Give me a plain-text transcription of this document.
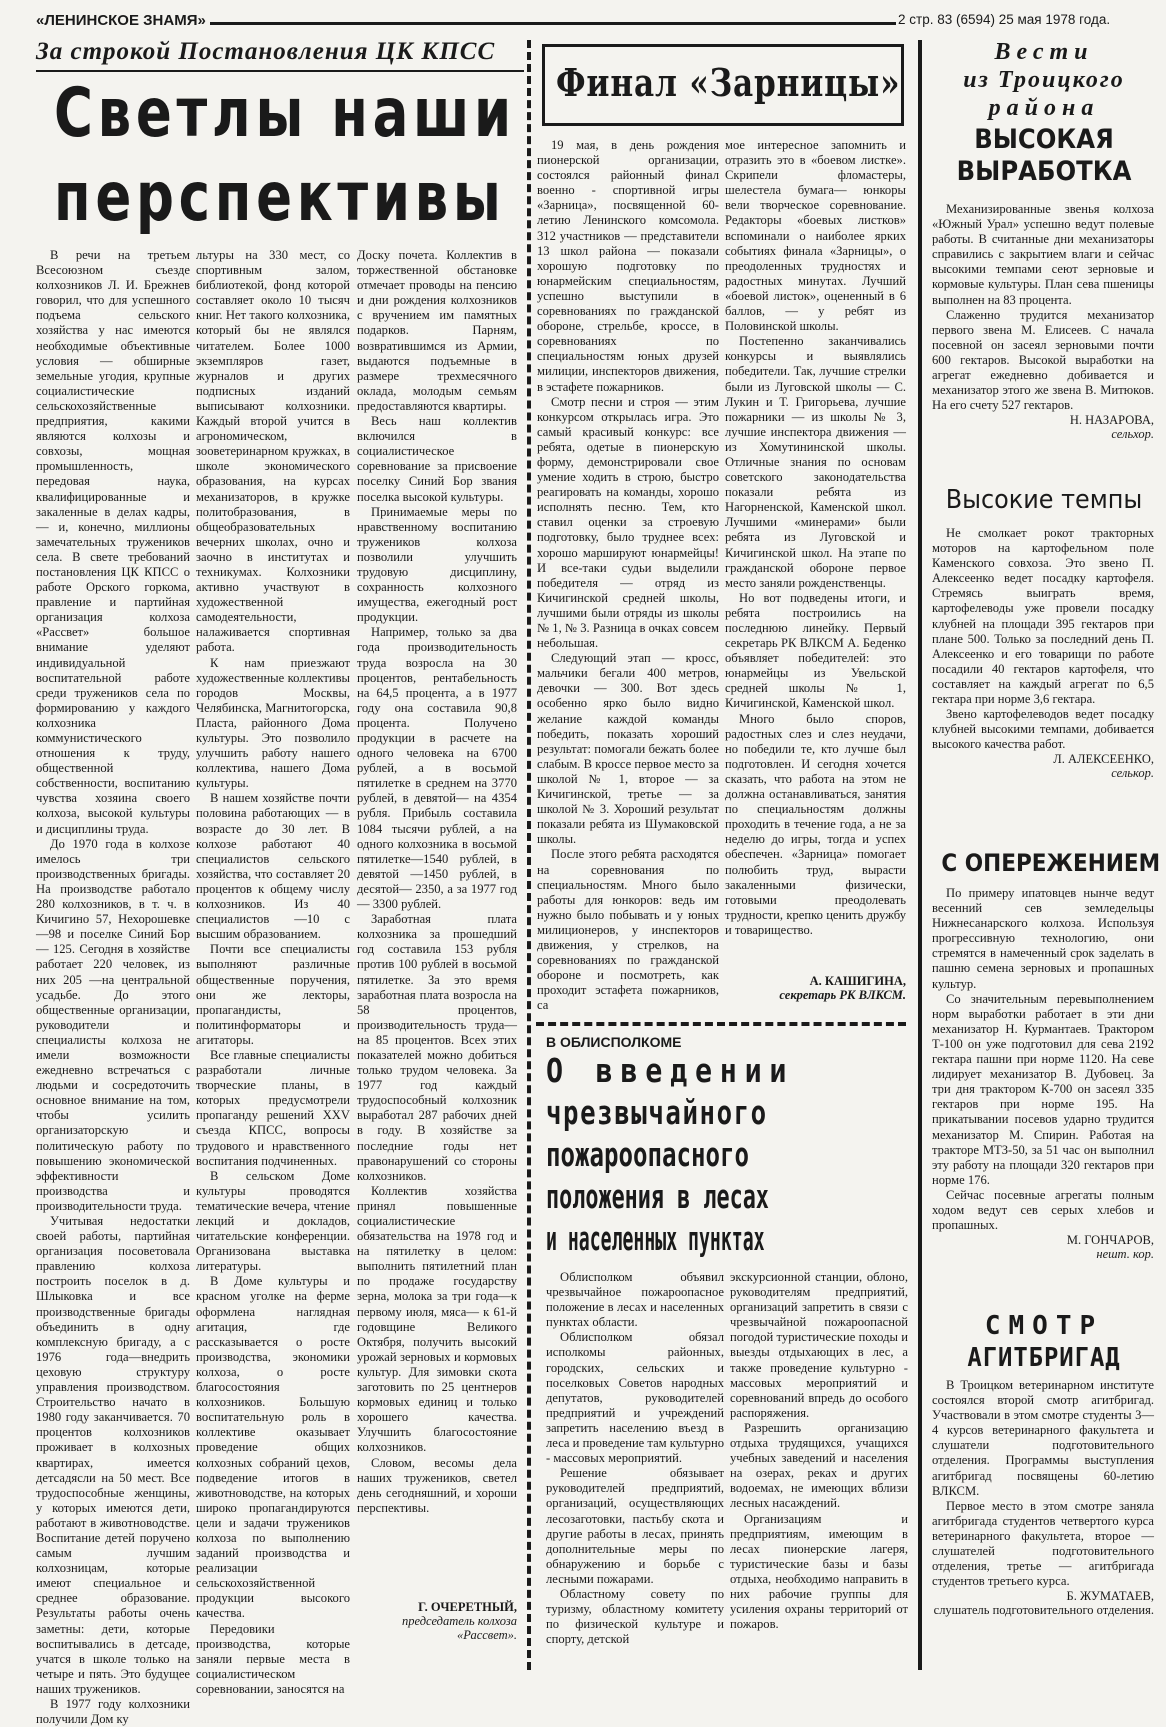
«ЛЕНИНСКОЕ ЗНАМЯ»	2 стр. 83 (6594) 25 мая 1978 года.
За строкой Постановления ЦК КПСС
Светлы наши
перспективы

В речи на третьем Всесоюзном съезде колхозников Л. И. Брежнев говорил, что для успешного подъема сельского хозяйства у нас имеются необходимые объективные условия — обширные земельные угодия, крупные социалистические сельскохозяйственные предприятия, какими являются колхозы и совхозы, мощная промышленность, передовая наука, квалифицированные и закаленные в делах кадры,— и, конечно, миллионы замечательных тружеников села. В свете требований постановления ЦК КПСС о работе Орского горкома, правление и партийная организация колхоза «Рассвет» большое внимание уделяют индивидуальной воспитательной работе среди тружеников села по формированию у каждого колхозника коммунистического отношения к труду, общественной собственности, воспитанию чувства хозяина своего колхоза, высокой культуры и дисциплины труда.

До 1970 года в колхозе имелось три производственных бригады. На производстве работало 280 колхозников, в т. ч. в Кичигино 57, Нехорошевке —98 и поселке Синий Бор— 125. Сегодня в хозяйстве работает 220 человек, из них 205 —на центральной усадьбе. До этого общественные организации, руководители и специалисты колхоза не имели возможности ежедневно встречаться с людьми и сосредоточить основное внимание на том, чтобы усилить организаторскую и политическую работу по повышению экономической эффективности производства и производительности труда.

Учитывая недостатки своей работы, партийная организация посоветовала правлению колхоза построить поселок в д. Шлыковка и все производственные бригады объединить в одну комплексную бригаду, а с 1976 года—внедрить цеховую структуру управления производством. Строительство начато в 1980 году заканчивается. 70 процентов колхозников проживает в колхозных квартирах, имеется детсадясли на 50 мест. Все трудоспособные женщины, у которых имеются дети, работают в животноводстве. Воспитание детей поручено самым лучшим колхозницам, которые имеют специальное и среднее образование. Результаты работы очень заметны: дети, которые воспитывались в детсаде, учатся в школе только на четыре и пять. Это будущее наших тружеников.

В 1977 году колхозники получили Дом ку

льтуры на 330 мест, со спортивным залом, библиотекой, фонд которой составляет около 10 тысяч книг. Нет такого колхозника, который бы не являлся читателем. Более 1000 экземпляров газет, журналов и других подписных изданий выписывают колхозники. Каждый второй учится в агрономическом, зооветеринарном кружках, в школе экономического образования, на курсах механизаторов, в кружке политобразования, в общеобразовательных вечерних школах, очно и заочно в институтах и техникумах. Колхозники активно участвуют в художественной самодеятельности, налаживается спортивная работа.

К нам приезжают художественные коллективы городов Москвы, Челябинска, Магнитогорска, Пласта, районного Дома культуры. Это позволило улучшить работу нашего коллектива, нашего Дома культуры.

В нашем хозяйстве почти половина работающих — в возрасте до 30 лет. В колхозе работают 40 специалистов сельского хозяйства, что составляет 20 процентов к общему числу колхозников. Из 40 специалистов —10 с высшим образованием.

Почти все специалисты выполняют различные общественные поручения, они же лекторы, пропагандисты, политинформаторы и агитаторы.

Все главные специалисты разработали личные творческие планы, в которых предусмотрели пропаганду решений XXV съезда КПСС, вопросы трудового и нравственного воспитания подчиненных.

В сельском Доме культуры проводятся тематические вечера, чтение лекций и докладов, читательские конференции. Организована выставка литературы.

В Доме культуры и красном уголке на ферме оформлена наглядная агитация, где рассказывается о росте производства, экономики колхоза, о росте благосостояния колхозников. Большую воспитательную роль в коллективе оказывает проведение общих колхозных собраний цехов, подведение итогов в животноводстве, на которых широко пропагандируются цели и задачи тружеников колхоза по выполнению заданий производства и реализации сельскохозяйственной продукции высокого качества.

Передовики производства, которые заняли первые места в социалистическом соревновании, заносятся на

Доску почета. Коллектив в торжественной обстановке отмечает проводы на пенсию и дни рождения колхозников с вручением им памятных подарков. Парням, возвратившимся из Армии, выдаются подъемные в размере трехмесячного оклада, молодым семьям предоставляются квартиры.

Весь наш коллектив включился в социалистическое соревнование за присвоение поселку Синий Бор звания поселка высокой культуры.

Принимаемые меры по нравственному воспитанию тружеников колхоза позволили улучшить трудовую дисциплину, сохранность колхозного имущества, ежегодный рост продукции.

Например, только за два года производительность труда возросла на 30 процентов, рентабельность на 64,5 процента, а в 1977 году она составила 90,8 процента. Получено продукции в расчете на одного человека на 6700 рублей, а в восьмой пятилетке в среднем на 3770 рублей, в девятой— на 4354 рубля. Прибыль составила 1084 тысячи рублей, а на одного колхозника в восьмой пятилетке—1540 рублей, в девятой —1450 рублей, в десятой— 2350, а за 1977 год— 3300 рублей.

Заработная плата колхозника за прошедший год составила 153 рубля против 100 рублей в восьмой пятилетке. За это время заработная плата возросла на 58 процентов, производительность труда— на 85 процентов. Всех этих показателей можно добиться только трудом человека. За 1977 год каждый трудоспособный колхозник выработал 287 рабочих дней в году. В хозяйстве за последние годы нет правонарушений со стороны колхозников.

Коллектив хозяйства принял повышенные социалистические обязательства на 1978 год и на пятилетку в целом: выполнить пятилетний план по продаже государству зерна, молока за три года—к первому июля, мяса— к 61-й годовщине Великого Октября, получить высокий урожай зерновых и кормовых культур. Для зимовки скота заготовить по 25 центнеров кормовых единиц и только хорошего качества. Улучшить благосостояние колхозников.

Словом, весомы дела наших тружеников, светел день сегодняшний, и хороши перспективы.

Г. ОЧЕРЕТНЫЙ,
председатель колхоза «Рассвет».
Финал «Зарницы»

19 мая, в день рождения пионерской организации, состоялся районный финал военно - спортивной игры «Зарница», посвященной 60-летию Ленинского комсомола. 312 участников — представители 13 школ района — показали хорошую подготовку по юнармейским специальностям, успешно выступили в соревнованиях по гражданской обороне, стрельбе, кроссе, в соревнованиях по специальностям юных друзей милиции, инспекторов движения, в эстафете пожарников.

Смотр песни и строя — этим конкурсом открылась игра. Это самый красивый конкурс: все ребята, одетые в пионерскую форму, демонстрировали свое умение ходить в строю, быстро реагировать на команды, хорошо исполнять песню. Тем, кто ставил оценки за строевую подготовку, было труднее всех: хорошо маршируют юнармейцы! И все-таки судьи выделили победителя — отряд из Кичигинской средней школы, лучшими были отряды из школы № 1, № 3. Разница в очках совсем небольшая.

Следующий этап — кросс, мальчики бегали 400 метров, девочки — 300. Вот здесь особенно ярко было видно желание каждой команды победить, показать хороший результат: помогали бежать более слабым. В кроссе первое место за школой № 1, второе — за Кичигинской, третье — за школой № 3. Хороший результат показали ребята из Шумаковской школы.

После этого ребята расходятся на соревнования по специальностям. Много было работы для юнкоров: ведь им нужно было побывать и у юных милиционеров, у инспекторов движения, у стрелков, на соревнованиях по гражданской обороне и посмотреть, как проходит эстафета пожарников, са

мое интересное запомнить и отразить это в «боевом листке». Скрипели фломастеры, шелестела бумага— юнкоры вели творческое соревнование. Редакторы «боевых листков» вспоминали о наиболее ярких событиях финала «Зарницы», о преодоленных трудностях и радостных минутах. Лучший «боевой листок», оцененный в 6 баллов, — у ребят из Половинской школы.

Постепенно заканчивались конкурсы и выявлялись победители. Так, лучшие стрелки были из Луговской школы — С. Лукин и Т. Григорьева, лучшие пожарники — из школы № 3, лучшие инспектора движения — из Хомутининской школы. Отличные знания по основам советского законодательства показали ребята из Нагорненской, Каменской школ. Лучшими «минерами» были ребята из Луговской и Кичигинской школ. На этапе по гражданской обороне первое место заняли рожденственцы.

Но вот подведены итоги, и ребята построились на последнюю линейку. Первый секретарь РК ВЛКСМ А. Беденко объявляет победителей: это юнармейцы из Увельской средней школы № 1, Кичигинской, Каменской школ.

Много было споров, радостных слез и слез неудачи, но победили те, кто лучше был подготовлен. И сегодня хочется сказать, что работа на этом не должна останавливаться, занятия по специальностям должны проходить в течение года, а не за неделю до игры, тогда и успех обеспечен. «Зарница» помогает полюбить труд, вырасти закаленными физически, готовыми преодолевать трудности, крепко ценить дружбу и товарищество.

А. КАШИГИНА,
секретарь РК ВЛКСМ.
В ОБЛИСПОЛКОМЕ
О введении
чрезвычайного
пожароопасного
положения в лесах
и населенных пунктах

Облисполком объявил чрезвычайное пожароопасное положение в лесах и населенных пунктах области.

Облисполком обязал исполкомы районных, городских, сельских и поселковых Советов народных депутатов, руководителей предприятий и учреждений запретить населению въезд в леса и проведение там культурно - массовых мероприятий.

Решение обязывает руководителей предприятий, организаций, осуществляющих лесозаготовки, пастьбу скота и другие работы в лесах, принять дополнительные меры по обнаружению и борьбе с лесными пожарами.

Областному совету по туризму, областному комитету по физической культуре и спорту, детской

экскурсионной станции, облоно, руководителям предприятий, организаций запретить в связи с чрезвычайной пожароопасной погодой туристические походы и выезды отдыхающих в лес, а также проведение культурно - массовых мероприятий и соревнований впредь до особого распоряжения.

Разрешить организацию отдыха трудящихся, учащихся учебных заведений и населения на озерах, реках и других водоемах, не имеющих вблизи лесных насаждений.

Организациям и предприятиям, имеющим в лесах пионерские лагеря, туристические базы и базы отдыха, необходимо направить в них рабочие группы для усиления охраны территорий от пожаров.

Вести
из Троицкого
района
ВЫСОКАЯ
ВЫРАБОТКА

Механизированные звенья колхоза «Южный Урал» успешно ведут полевые работы. В считанные дни механизаторы справились с закрытием влаги и сейчас высокими темпами сеют зерновые и кормовые культуры. План сева пшеницы выполнен на 83 процента.

Слаженно трудится механизатор первого звена М. Елисеев. С начала посевной он засеял зерновыми почти 600 гектаров. Высокой выработки на агрегат ежедневно добивается и механизатор этого же звена В. Митюков. На его счету 527 гектаров.

Н. НАЗАРОВА,
сельхор.
Высокие темпы

Не смолкает рокот тракторных моторов на картофельном поле Каменского совхоза. Это звено П. Алексеенко ведет посадку картофеля. Стремясь выиграть время, картофелеводы уже провели посадку клубней на площади 395 гектаров при плане 500. Только за последний день П. Алексеенко и его товарищи по работе посадили 40 гектаров картофеля, что составляет на каждый агрегат по 6,5 гектара при норме 3,6 гектара.

Звено картофелеводов ведет посадку клубней высокими темпами, добивается высокого качества работ.

Л. АЛЕКСЕЕНКО,
селькор.
С ОПЕРЕЖЕНИЕМ

По примеру ипатовцев нынче ведут весенний сев земледельцы Нижнесанарского колхоза. Используя прогрессивную технологию, они стремятся в намеченный срок заделать в пашню семена зерновых и пропашных культур.

Со значительным перевыполнением норм выработки работает в эти дни механизатор Н. Курмантаев. Трактором Т-100 он уже подготовил для сева 2192 гектара пашни при норме 1120. На севе лидирует механизатор В. Дубовец. За три дня трактором К-700 он засеял 335 гектаров при норме 195. На прикатывании посевов ударно трудится механизатор М. Спирин. Работая на тракторе МТЗ-50, за 51 час он выполнил эту работу на площади 320 гектаров при норме 176.

Сейчас посевные агрегаты полным ходом ведут сев серых хлебов и пропашных.

М. ГОНЧАРОВ,
нешт. кор.
СМОТР
АГИТБРИГАД

В Троицком ветеринарном институте состоялся второй смотр агитбригад. Участвовали в этом смотре студенты 3—4 курсов ветеринарного факультета и слушатели подготовительного отделения. Программы выступления агитбригад посвящены 60-летию ВЛКСМ.

Первое место в этом смотре заняла агитбригада студентов четвертого курса ветеринарного факультета, второе — слушателей подготовительного отделения, третье — агитбригада студентов третьего курса.

Б. ЖУМАТАЕВ,
слушатель подготовительного отделения.
